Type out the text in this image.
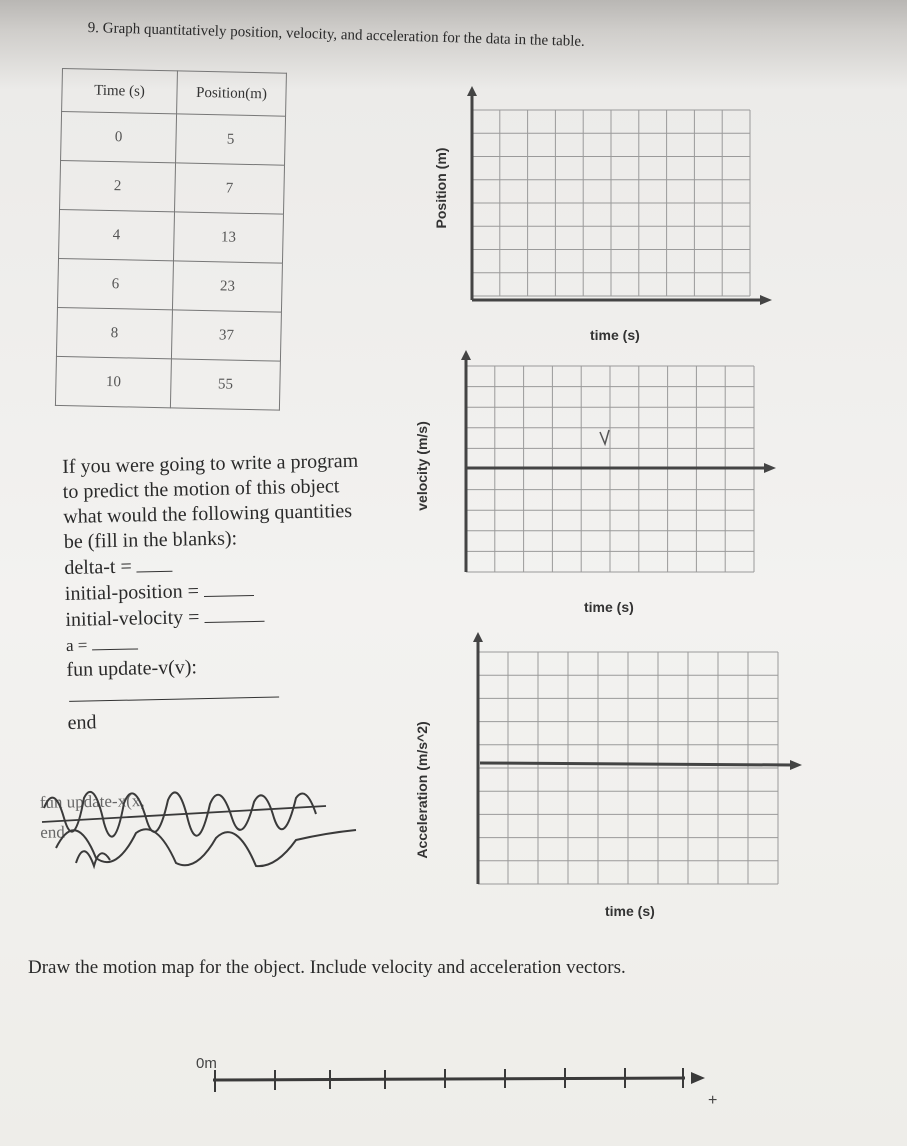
9. Graph quantitatively position, velocity, and acceleration for the data in the table.
Time (s)	Position(m)
0	5
2	7
4	13
6	23
8	37
10	55
Position (m)
time (s)
velocity (m/s)
time (s)
Acceleration (m/s^2)
time (s)
If you were going to write a program
to predict the motion of this object
what would the following quantities
be (fill in the blanks):
delta-t =
initial-position =
initial-velocity =
a =
fun update-v(v):
end
fun update-x(x,
end
Draw the motion map for the object. Include velocity and acceleration vectors.
0m
+
